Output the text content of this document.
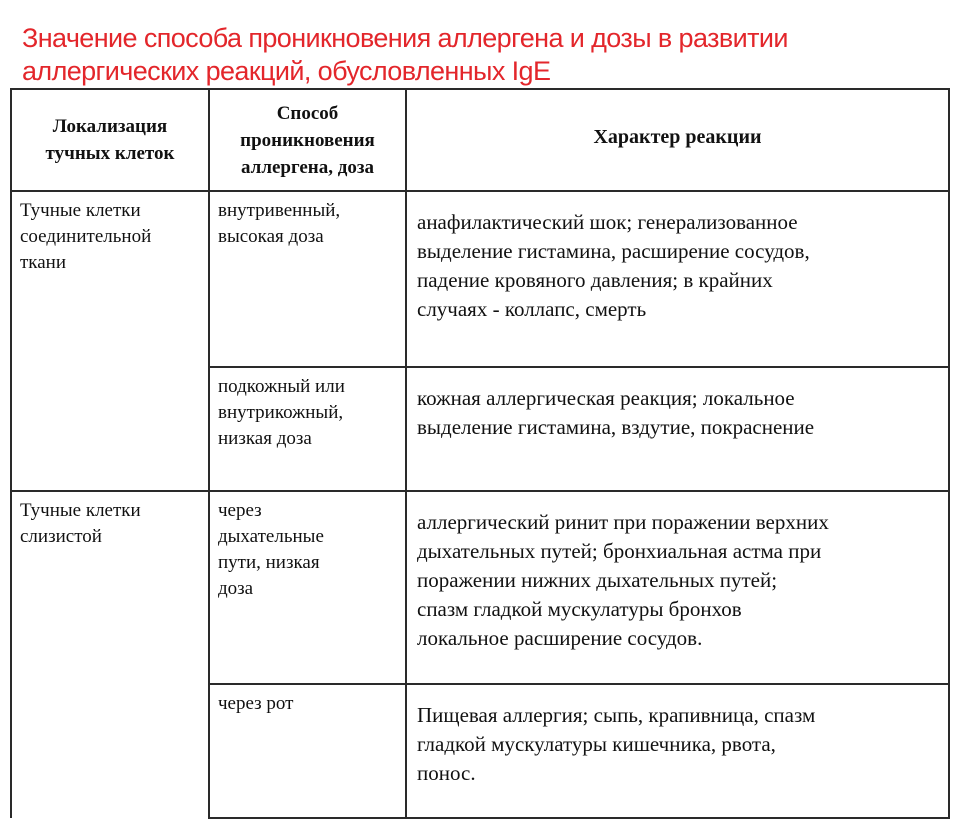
Значение способа проникновения аллергена и дозы в развитии
аллергических реакций, обусловленных IgE
Локализация
тучных клеток	Способ
проникновения
аллергена, доза	Характер реакции
Тучные клетки
соединительной
ткани	внутривенный,
высокая доза	анафилактический шок; генерализованное
выделение гистамина, расширение сосудов,
падение кровяного давления; в крайних
случаях - коллапс, смерть
	подкожный или
внутрикожный,
низкая доза	кожная аллергическая реакция; локальное
выделение гистамина, вздутие, покраснение
Тучные клетки
слизистой	через
дыхательные
пути, низкая
доза	аллергический ринит при поражении верхних
дыхательных путей; бронхиальная астма при
поражении нижних дыхательных путей;
спазм гладкой мускулатуры бронхов
локальное расширение сосудов.
	через рот	Пищевая аллергия; сыпь, крапивница, спазм
гладкой мускулатуры кишечника, рвота,
понос.
